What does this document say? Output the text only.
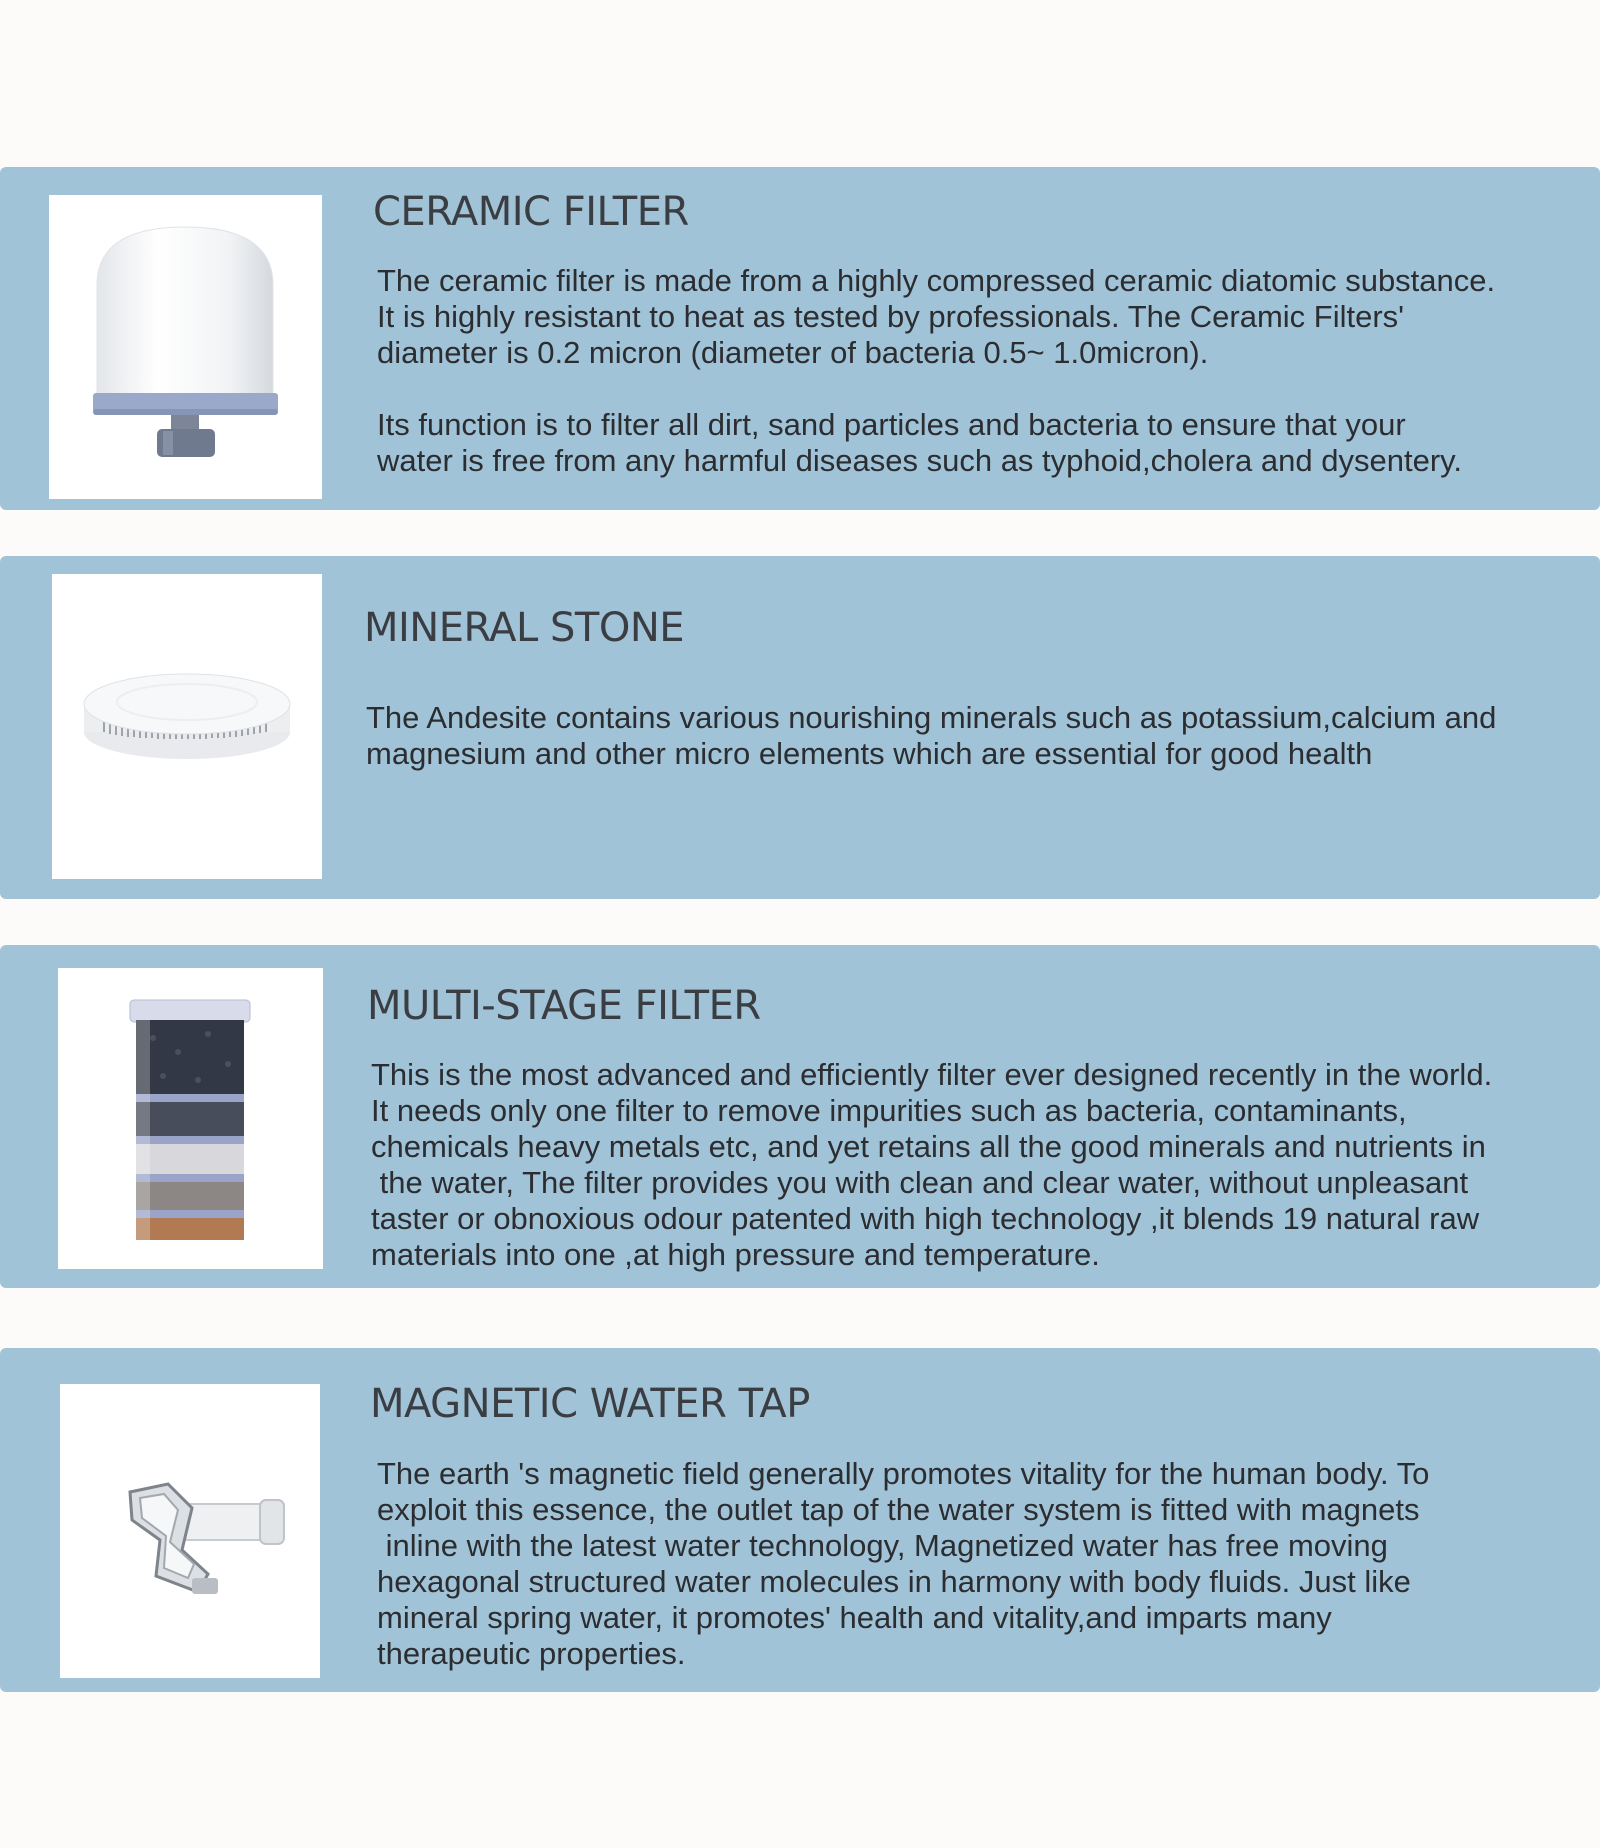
CERAMIC FILTER
The ceramic filter is made from a highly compressed ceramic diatomic substance.
It is highly resistant to heat as tested by professionals. The Ceramic Filters'
diameter is 0.2 micron (diameter of bacteria 0.5~ 1.0micron).
Its function is to filter all dirt, sand particles and bacteria to ensure that your
water is free from any harmful diseases such as typhoid,cholera and dysentery.
MINERAL STONE
The Andesite contains various nourishing minerals such as potassium,calcium and
magnesium and other micro elements which are essential for good health
MULTI-STAGE FILTER
This is the most advanced and efficiently filter ever designed recently in the world.
It needs only one filter to remove impurities such as bacteria, contaminants,
chemicals heavy metals etc, and yet retains all the good minerals and nutrients in
the water, The filter provides you with clean and clear water, without unpleasant
taster or obnoxious odour patented with high technology ,it blends 19 natural raw
materials into one ,at high pressure and temperature.
MAGNETIC WATER TAP
The earth 's magnetic field generally promotes vitality for the human body. To
exploit this essence, the outlet tap of the water system is fitted with magnets
inline with the latest water technology, Magnetized water has free moving
hexagonal structured water molecules in harmony with body fluids. Just like
mineral spring water, it promotes' health and vitality,and imparts many
therapeutic properties.
